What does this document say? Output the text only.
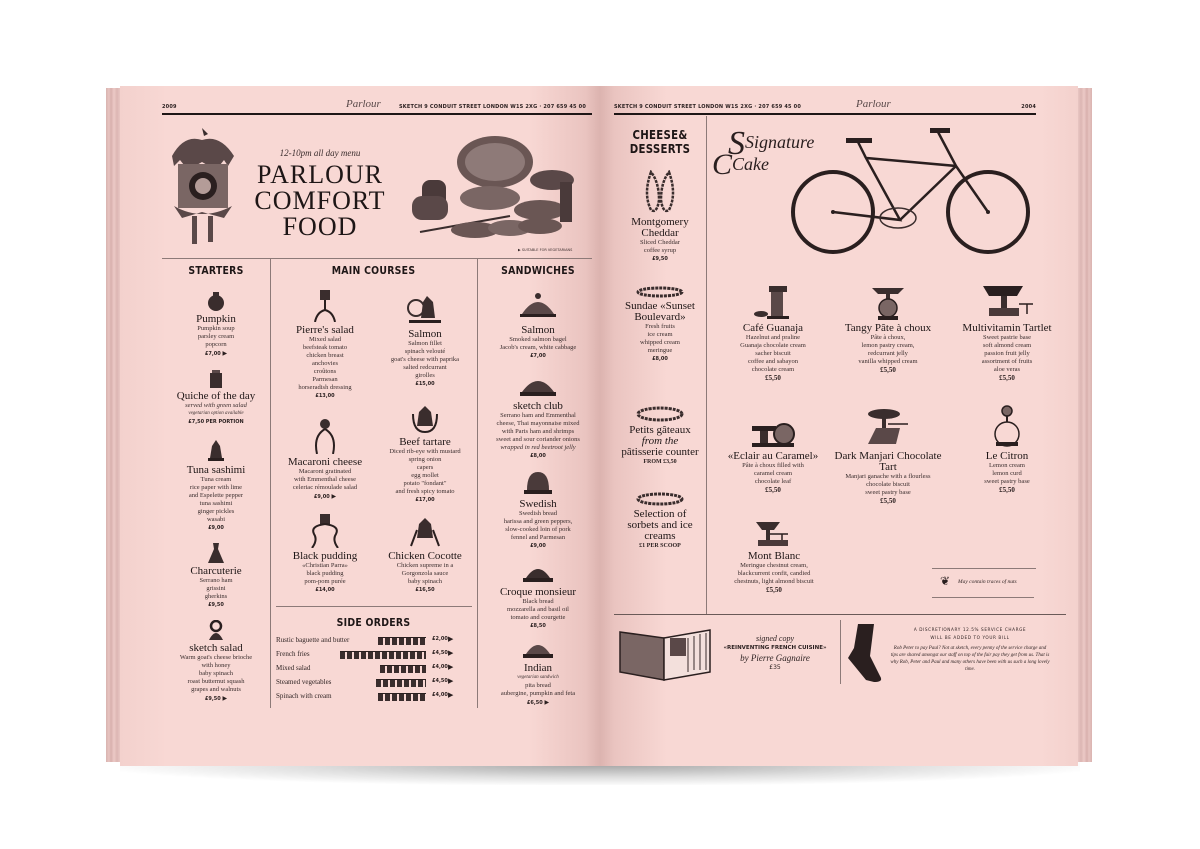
2009	Parlour	SKETCH 9 CONDUIT STREET LONDON W1S 2XG · 207 659 45 00
12-10pm all day menu
PARLOUR
COMFORT
FOOD
▶ SUITABLE FOR VEGETARIANS
STARTERS
Pumpkin
Pumpkin soup
parsley cream
popcorn
£7,00 ▶
Quiche of the day
served with green salad
vegetarian option available
£7,50 PER PORTION
Tuna sashimi
Tuna cream
rice paper with lime
and Espelette pepper
tuna sashimi
ginger pickles
wasabi
£9,00
Charcuterie
Serrano ham
grissini
gherkins
£9,50
sketch salad
Warm goat's cheese brioche
with honey
baby spinach
roast butternut squash
grapes and walnuts
£9,50 ▶
MAIN COURSES
Pierre's salad
Mixed salad
beefsteak tomato
chicken breast
anchovies
croûtons
Parmesan
horseradish dressing
£13,00
Salmon
Salmon fillet
spinach velouté
goat's cheese with paprika
salted redcurrant
girolles
£15,00
Macaroni cheese
Macaroni gratinated
with Emmenthal cheese
celeriac rémoulade salad
£9,00 ▶
Beef tartare
Diced rib-eye with mustard
spring onion
capers
egg mollet
potato "fondant"
and fresh spicy tomato
£17,00
Black pudding
«Christian Parra»
black pudding
pom-pom purée
£14,00
Chicken Cocotte
Chicken supreme in a
Gorgonzola sauce
baby spinach
£16,50
SIDE ORDERS
Rustic baguette and butter	£2,00 ▶
French fries	£4,50 ▶
Mixed salad	£4,00 ▶
Steamed vegetables	£4,50 ▶
Spinach with cream	£4,00 ▶
SANDWICHES
Salmon
Smoked salmon bagel
Jacob's cream, white cabbage
£7,00
sketch club
Serrano ham and Emmenthal
cheese, Thai mayonnaise mixed
with Paris ham and shrimps
sweet and sour coriander onions
wrapped in red beetroot jelly
£8,00
Swedish
Swedish bread
harissa and green peppers,
slow-cooked loin of pork
fennel and Parmesan
£9,00
Croque monsieur
Black bread
mozzarella and basil oil
tomato and courgette
£8,50
Indian
vegetarian sandwich
pita bread
aubergine, pumpkin and feta
£6,50 ▶
SKETCH 9 CONDUIT STREET LONDON W1S 2XG · 207 659 45 00	Parlour	2004
CHEESE&
DESSERTS
Montgomery Cheddar
Sliced Cheddar
coffee syrup
£9,50
Sundae «Sunset Boulevard»
Fresh fruits
ice cream
whipped cream
meringue
£8,00
Petits gâteaux
from the
pâtisserie counter
FROM £3,50
Selection of sorbets and ice creams
£1 PER SCOOP
SSignature
CCake
Café Guanaja
Hazelnut and praline
Guanaja chocolate cream
sacher biscuit
coffee and sabayon
chocolate cream
£5,50
Tangy Pâte à choux
Pâte à choux,
lemon pastry cream,
redcurrant jelly
vanilla whipped cream
£5,50
Multivitamin Tartlet
Sweet pastrie base
soft almond cream
passion fruit jelly
assortment of fruits
aloe veras
£5,50
«Eclair au Caramel»
Pâte à choux filled with
caramel cream
chocolate leaf
£5,50
Dark Manjari Chocolate Tart
Manjari ganache with a flourless
chocolate biscuit
sweet pastry base
£5,50
Le Citron
Lemon cream
lemon curd
sweet pastry base
£5,50
Mont Blanc
Meringue chestnut cream,
blackcurrent confit, candied
chestnuts, light almond biscuit
£5,50
❦ May contain traces of nuts
signed copy
«REINVENTING FRENCH CUISINE»
by Pierre Gagnaire
£35
A DISCRETIONARY 12.5% SERVICE CHARGE
WILL BE ADDED TO YOUR BILL
Rob Peter to pay Paul? Not at sketch, every penny of the service charge and tips are shared amongst our staff on top of the fair pay they get from us. That is why Rob, Peter and Paul and many others have been with us such a long lovely time.
